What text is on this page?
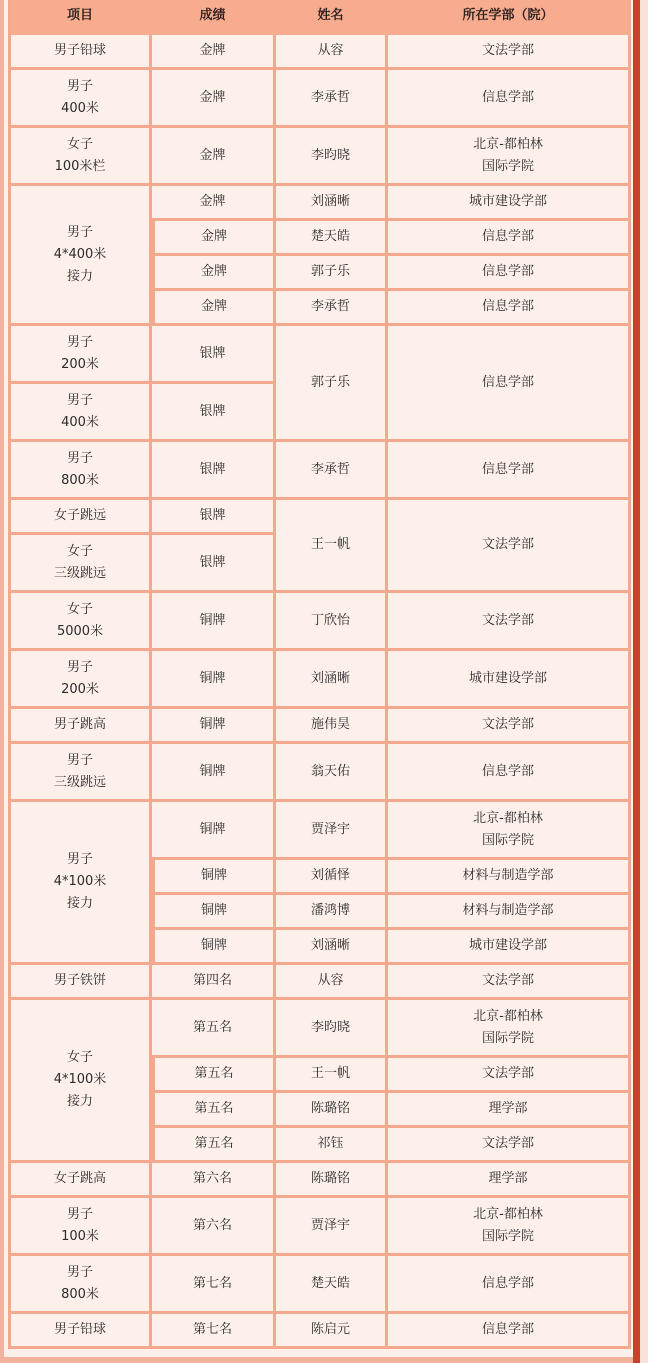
项目	成绩	姓名	所在学部（院）
男子铅球	金牌	从容	文法学部
男子
400米	金牌	李承哲	信息学部
女子
100米栏	金牌	李昀晓	北京-都柏林
国际学院
男子
4*400米
接力	金牌	刘涵晰	城市建设学部
	金牌	楚天皓	信息学部
	金牌	郭子乐	信息学部
	金牌	李承哲	信息学部
男子
200米	银牌	郭子乐	信息学部
男子
400米	银牌		
男子
800米	银牌	李承哲	信息学部
女子跳远	银牌	王一帆	文法学部
女子
三级跳远	银牌		
女子
5000米	铜牌	丁欣怡	文法学部
男子
200米	铜牌	刘涵晰	城市建设学部
男子跳高	铜牌	施伟昊	文法学部
男子
三级跳远	铜牌	翁天佑	信息学部
男子
4*100米
接力	铜牌	贾泽宇	北京-都柏林
国际学院
	铜牌	刘循怿	材料与制造学部
	铜牌	潘鸿博	材料与制造学部
	铜牌	刘涵晰	城市建设学部
男子铁饼	第四名	从容	文法学部
女子
4*100米
接力	第五名	李昀晓	北京-都柏林
国际学院
	第五名	王一帆	文法学部
	第五名	陈璐铭	理学部
	第五名	祁钰	文法学部
女子跳高	第六名	陈璐铭	理学部
男子
100米	第六名	贾泽宇	北京-都柏林
国际学院
男子
800米	第七名	楚天皓	信息学部
男子铅球	第七名	陈启元	信息学部
